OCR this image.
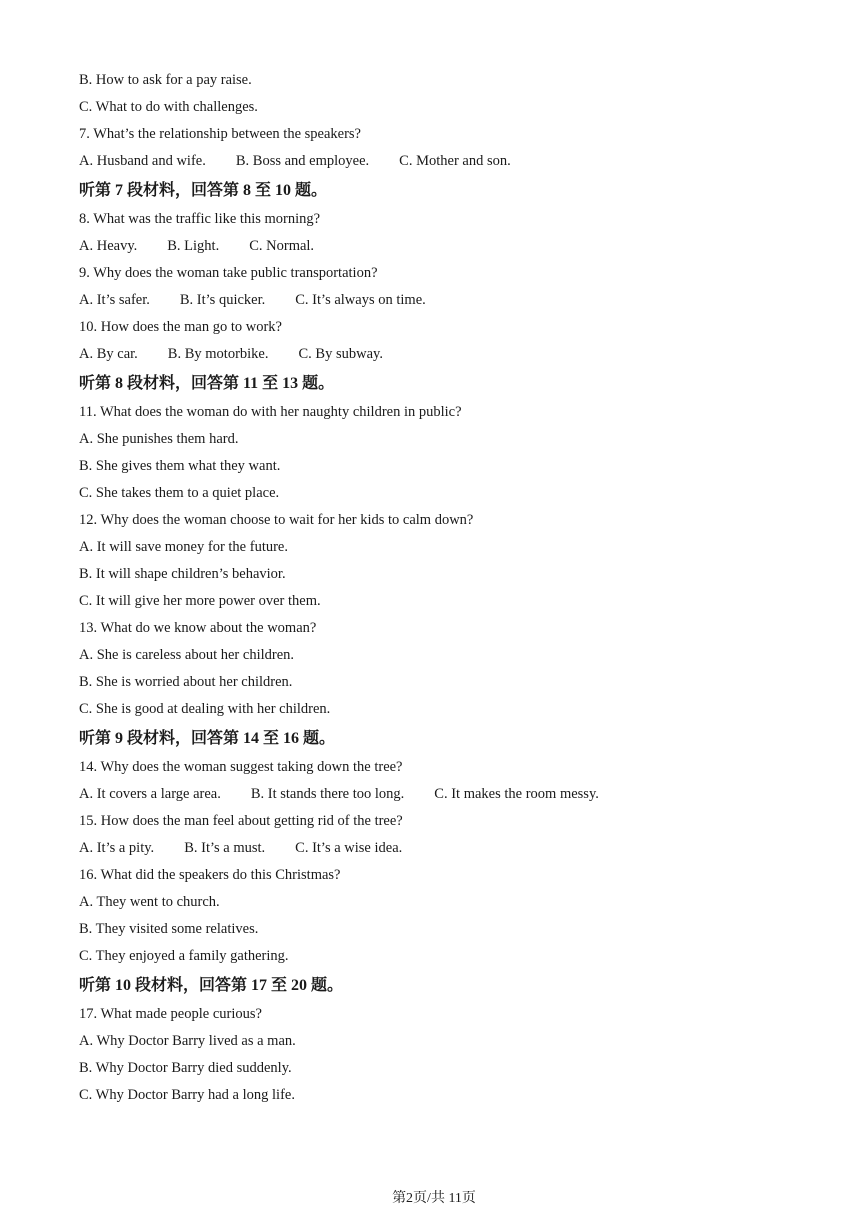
B. How to ask for a pay raise.
C. What to do with challenges.
7. What’s the relationship between the speakers?
A. Husband and wife. B. Boss and employee. C. Mother and son.
听第 7 段材料，回答第 8 至 10 题。
8. What was the traffic like this morning?
A. Heavy. B. Light. C. Normal.
9. Why does the woman take public transportation?
A. It’s safer. B. It’s quicker. C. It’s always on time.
10. How does the man go to work?
A. By car. B. By motorbike. C. By subway.
听第 8 段材料，回答第 11 至 13 题。
11. What does the woman do with her naughty children in public?
A. She punishes them hard.
B. She gives them what they want.
C. She takes them to a quiet place.
12. Why does the woman choose to wait for her kids to calm down?
A. It will save money for the future.
B. It will shape children’s behavior.
C. It will give her more power over them.
13. What do we know about the woman?
A. She is careless about her children.
B. She is worried about her children.
C. She is good at dealing with her children.
听第 9 段材料，回答第 14 至 16 题。
14. Why does the woman suggest taking down the tree?
A. It covers a large area. B. It stands there too long. C. It makes the room messy.
15. How does the man feel about getting rid of the tree?
A. It’s a pity. B. It’s a must. C. It’s a wise idea.
16. What did the speakers do this Christmas?
A. They went to church.
B. They visited some relatives.
C. They enjoyed a family gathering.
听第 10 段材料，回答第 17 至 20 题。
17. What made people curious?
A. Why Doctor Barry lived as a man.
B. Why Doctor Barry died suddenly.
C. Why Doctor Barry had a long life.
第2页/共 11页
